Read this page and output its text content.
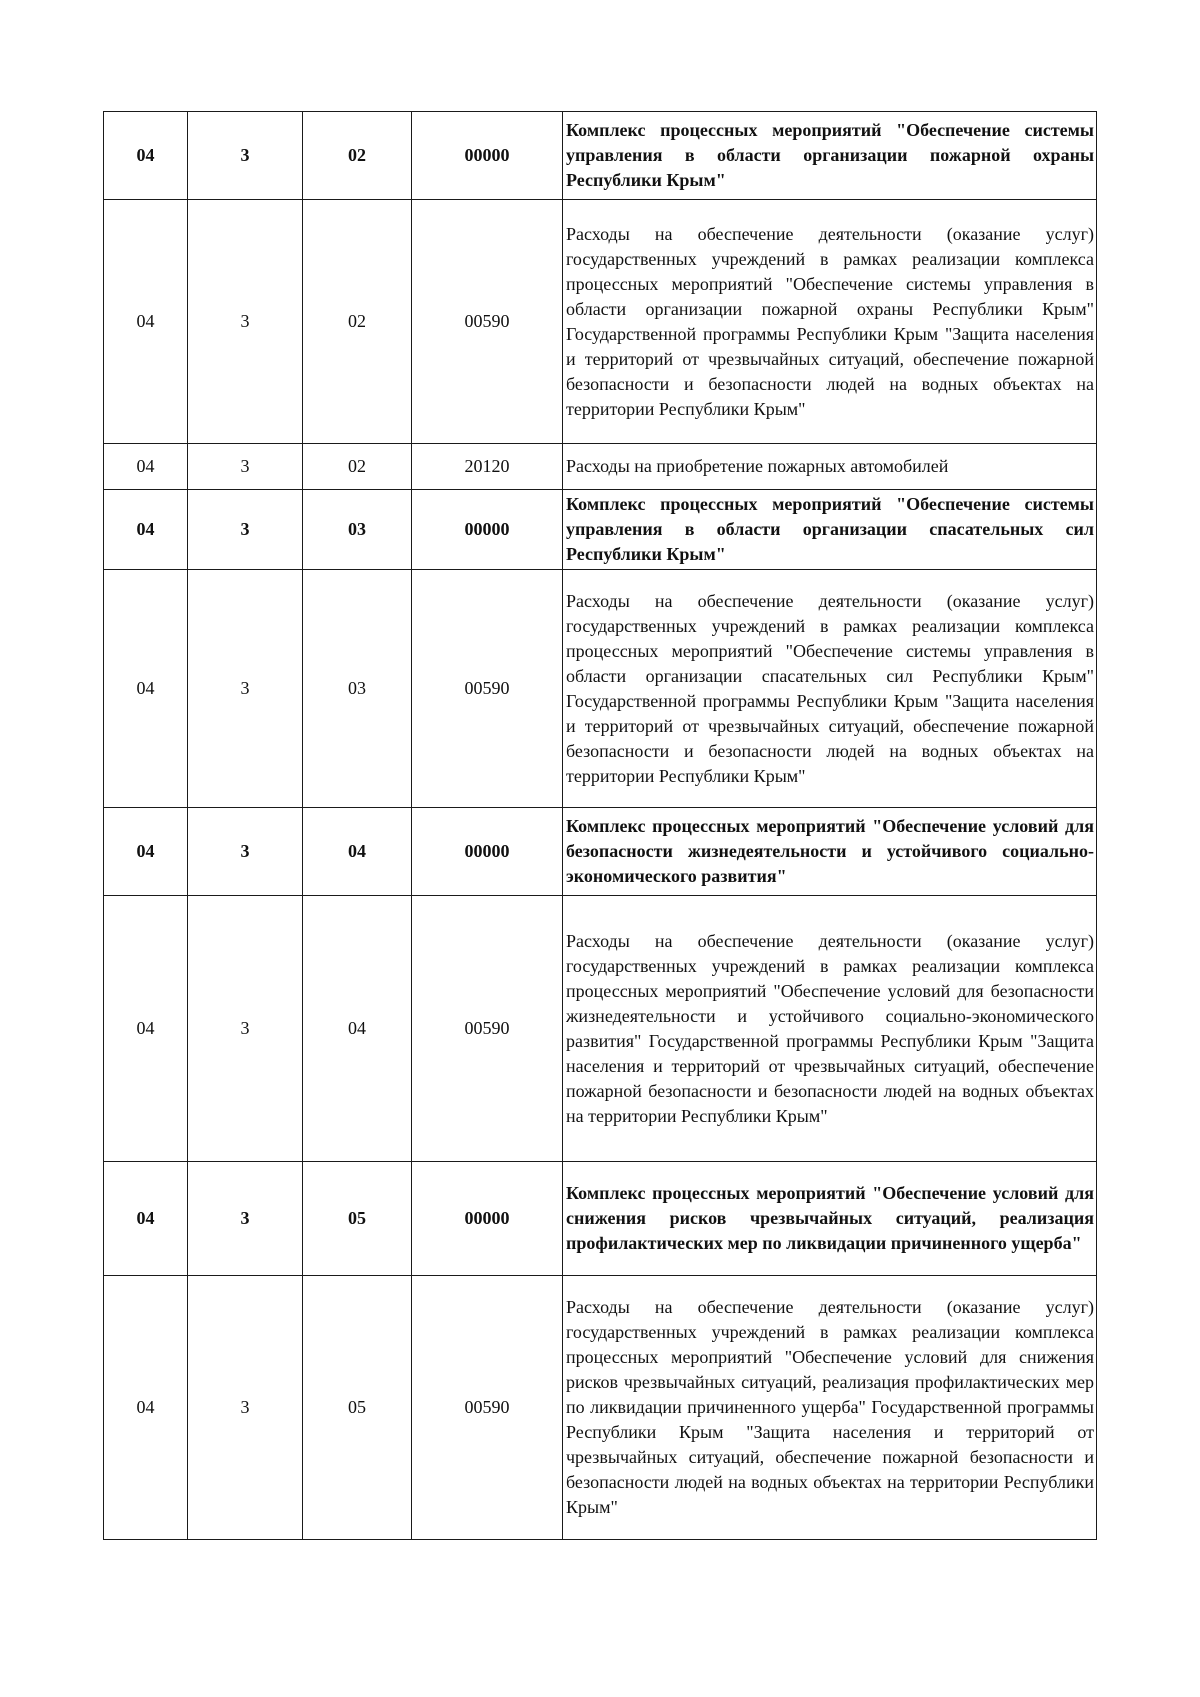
04	3	02	00000	Комплекс процессных мероприятий "Обеспечение системы управления в области организации пожарной охраны Республики Крым"
04	3	02	00590	Расходы на обеспечение деятельности (оказание услуг) государственных учреждений в рамках реализации комплекса процессных мероприятий "Обеспечение системы управления в области организации пожарной охраны Республики Крым" Государственной программы Республики Крым "Защита населения и территорий от чрезвычайных ситуаций, обеспечение пожарной безопасности и безопасности людей на водных объектах на территории Республики Крым"
04	3	02	20120	Расходы на приобретение пожарных автомобилей
04	3	03	00000	Комплекс процессных мероприятий "Обеспечение системы управления в области организации спасательных сил Республики Крым"
04	3	03	00590	Расходы на обеспечение деятельности (оказание услуг) государственных учреждений в рамках реализации комплекса процессных мероприятий "Обеспечение системы управления в области организации спасательных сил Республики Крым" Государственной программы Республики Крым "Защита населения и территорий от чрезвычайных ситуаций, обеспечение пожарной безопасности и безопасности людей на водных объектах на территории Республики Крым"
04	3	04	00000	Комплекс процессных мероприятий "Обеспечение условий для безопасности жизнедеятельности и устойчивого социально-экономического развития"
04	3	04	00590	Расходы на обеспечение деятельности (оказание услуг) государственных учреждений в рамках реализации комплекса процессных мероприятий "Обеспечение условий для безопасности жизнедеятельности и устойчивого социально-экономического развития" Государственной программы Республики Крым "Защита населения и территорий от чрезвычайных ситуаций, обеспечение пожарной безопасности и безопасности людей на водных объектах на территории Республики Крым"
04	3	05	00000	Комплекс процессных мероприятий "Обеспечение условий для снижения рисков чрезвычайных ситуаций, реализация профилактических мер по ликвидации причиненного ущерба"
04	3	05	00590	Расходы на обеспечение деятельности (оказание услуг) государственных учреждений в рамках реализации комплекса процессных мероприятий "Обеспечение условий для снижения рисков чрезвычайных ситуаций, реализация профилактических мер по ликвидации причиненного ущерба" Государственной программы Республики Крым "Защита населения и территорий от чрезвычайных ситуаций, обеспечение пожарной безопасности и безопасности людей на водных объектах на территории Республики Крым"
